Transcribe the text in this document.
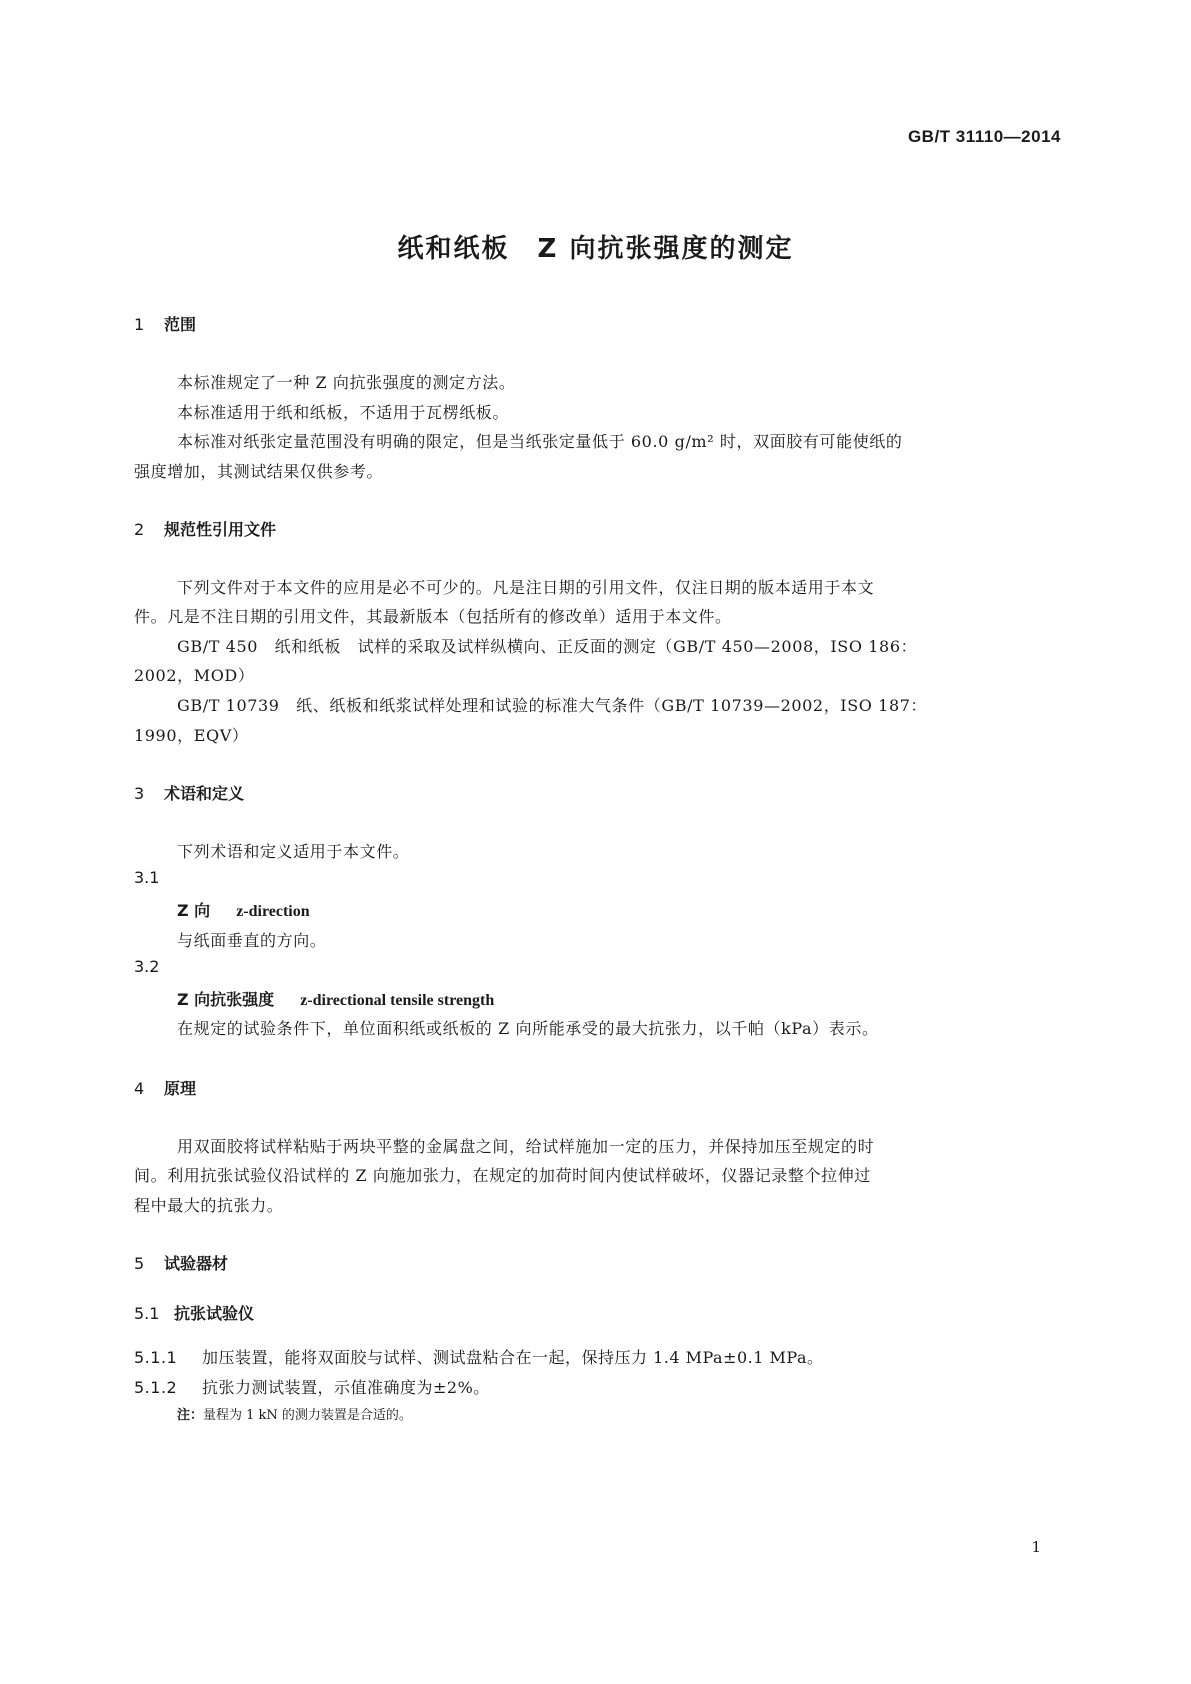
GB/T 31110—2014
纸和纸板　Z 向抗张强度的测定
1 范围
本标准规定了一种 Z 向抗张强度的测定方法。
本标准适用于纸和纸板，不适用于瓦楞纸板。
本标准对纸张定量范围没有明确的限定，但是当纸张定量低于 60.0 g/m² 时，双面胶有可能使纸的
强度增加，其测试结果仅供参考。
2 规范性引用文件
下列文件对于本文件的应用是必不可少的。凡是注日期的引用文件，仅注日期的版本适用于本文
件。凡是不注日期的引用文件，其最新版本（包括所有的修改单）适用于本文件。
GB/T 450　纸和纸板　试样的采取及试样纵横向、正反面的测定（GB/T 450—2008，ISO 186：
2002，MOD）
GB/T 10739　纸、纸板和纸浆试样处理和试验的标准大气条件（GB/T 10739—2002，ISO 187：
1990，EQV）
3 术语和定义
下列术语和定义适用于本文件。
3.1
Z 向 z-direction
与纸面垂直的方向。
3.2
Z 向抗张强度 z-directional tensile strength
在规定的试验条件下，单位面积纸或纸板的 Z 向所能承受的最大抗张力，以千帕（kPa）表示。
4 原理
用双面胶将试样粘贴于两块平整的金属盘之间，给试样施加一定的压力，并保持加压至规定的时
间。利用抗张试验仪沿试样的 Z 向施加张力，在规定的加荷时间内使试样破坏，仪器记录整个拉伸过
程中最大的抗张力。
5 试验器材
5.1 抗张试验仪
5.1.1 加压装置，能将双面胶与试样、测试盘粘合在一起，保持压力 1.4 MPa±0.1 MPa。
5.1.2 抗张力测试装置，示值准确度为±2%。
注：量程为 1 kN 的测力装置是合适的。
1
